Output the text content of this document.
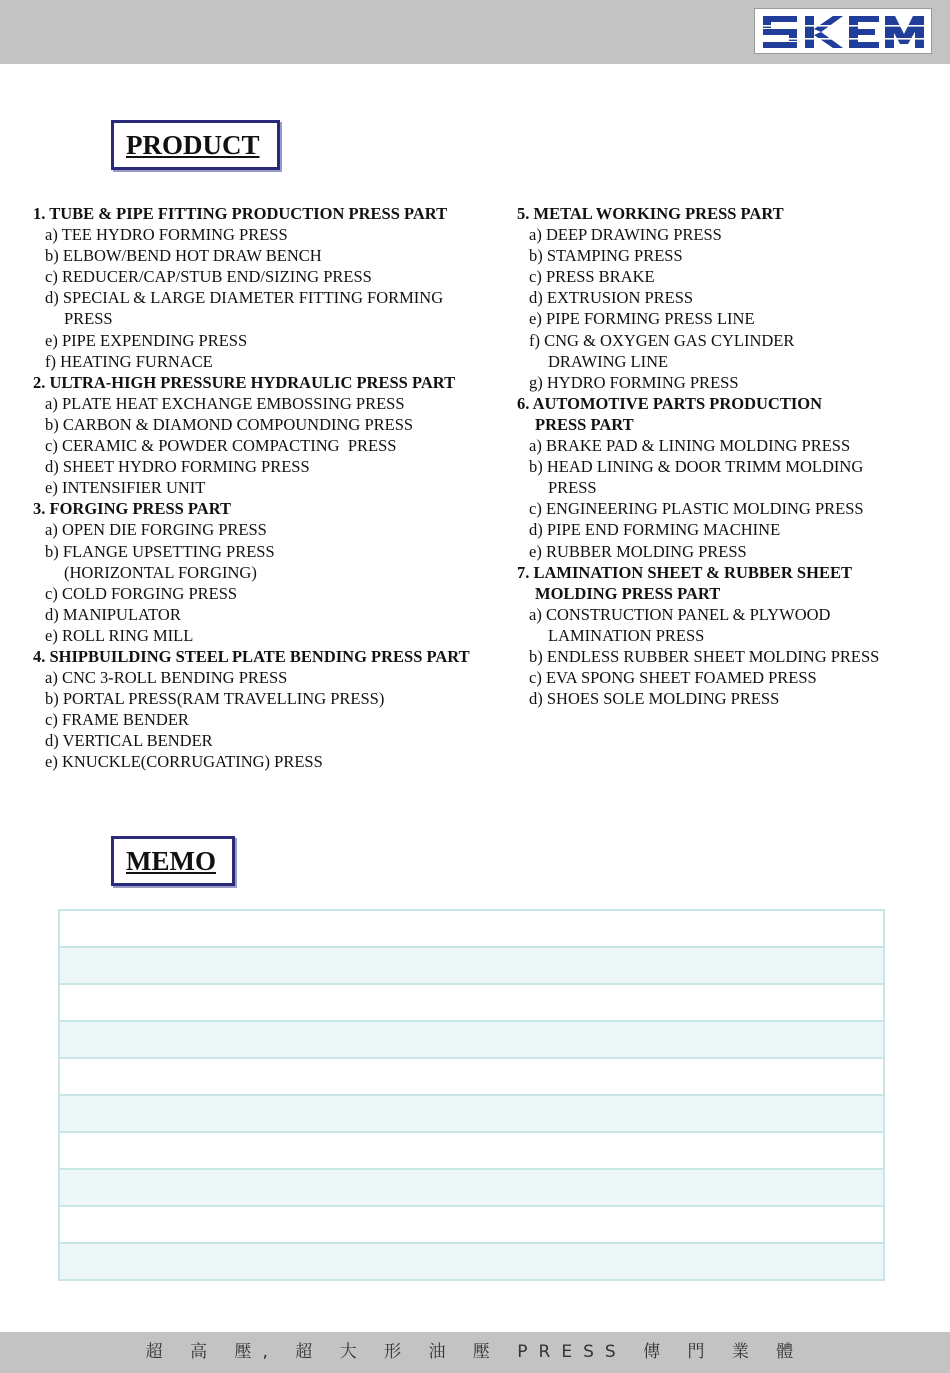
PRODUCT
1. TUBE & PIPE FITTING PRODUCTION PRESS PART
a) TEE HYDRO FORMING PRESS
b) ELBOW/BEND HOT DRAW BENCH
c) REDUCER/CAP/STUB END/SIZING PRESS
d) SPECIAL & LARGE DIAMETER FITTING FORMING
PRESS
e) PIPE EXPENDING PRESS
f) HEATING FURNACE
2. ULTRA-HIGH PRESSURE HYDRAULIC PRESS PART
a) PLATE HEAT EXCHANGE EMBOSSING PRESS
b) CARBON & DIAMOND COMPOUNDING PRESS
c) CERAMIC & POWDER COMPACTING  PRESS
d) SHEET HYDRO FORMING PRESS
e) INTENSIFIER UNIT
3. FORGING PRESS PART
a) OPEN DIE FORGING PRESS
b) FLANGE UPSETTING PRESS
(HORIZONTAL FORGING)
c) COLD FORGING PRESS
d) MANIPULATOR
e) ROLL RING MILL
4. SHIPBUILDING STEEL PLATE BENDING PRESS PART
a) CNC 3-ROLL BENDING PRESS
b) PORTAL PRESS(RAM TRAVELLING PRESS)
c) FRAME BENDER
d) VERTICAL BENDER
e) KNUCKLE(CORRUGATING) PRESS
5. METAL WORKING PRESS PART
a) DEEP DRAWING PRESS
b) STAMPING PRESS
c) PRESS BRAKE
d) EXTRUSION PRESS
e) PIPE FORMING PRESS LINE
f) CNG & OXYGEN GAS CYLINDER
DRAWING LINE
g) HYDRO FORMING PRESS
6. AUTOMOTIVE PARTS PRODUCTION
PRESS PART
a) BRAKE PAD & LINING MOLDING PRESS
b) HEAD LINING & DOOR TRIMM MOLDING
PRESS
c) ENGINEERING PLASTIC MOLDING PRESS
d) PIPE END FORMING MACHINE
e) RUBBER MOLDING PRESS
7. LAMINATION SHEET & RUBBER SHEET
MOLDING PRESS PART
a) CONSTRUCTION PANEL & PLYWOOD
LAMINATION PRESS
b) ENDLESS RUBBER SHEET MOLDING PRESS
c) EVA SPONG SHEET FOAMED PRESS
d) SHOES SOLE MOLDING PRESS
MEMO
超 高 壓, 超 大 形 油 壓 PRESS 傳 門 業 體
